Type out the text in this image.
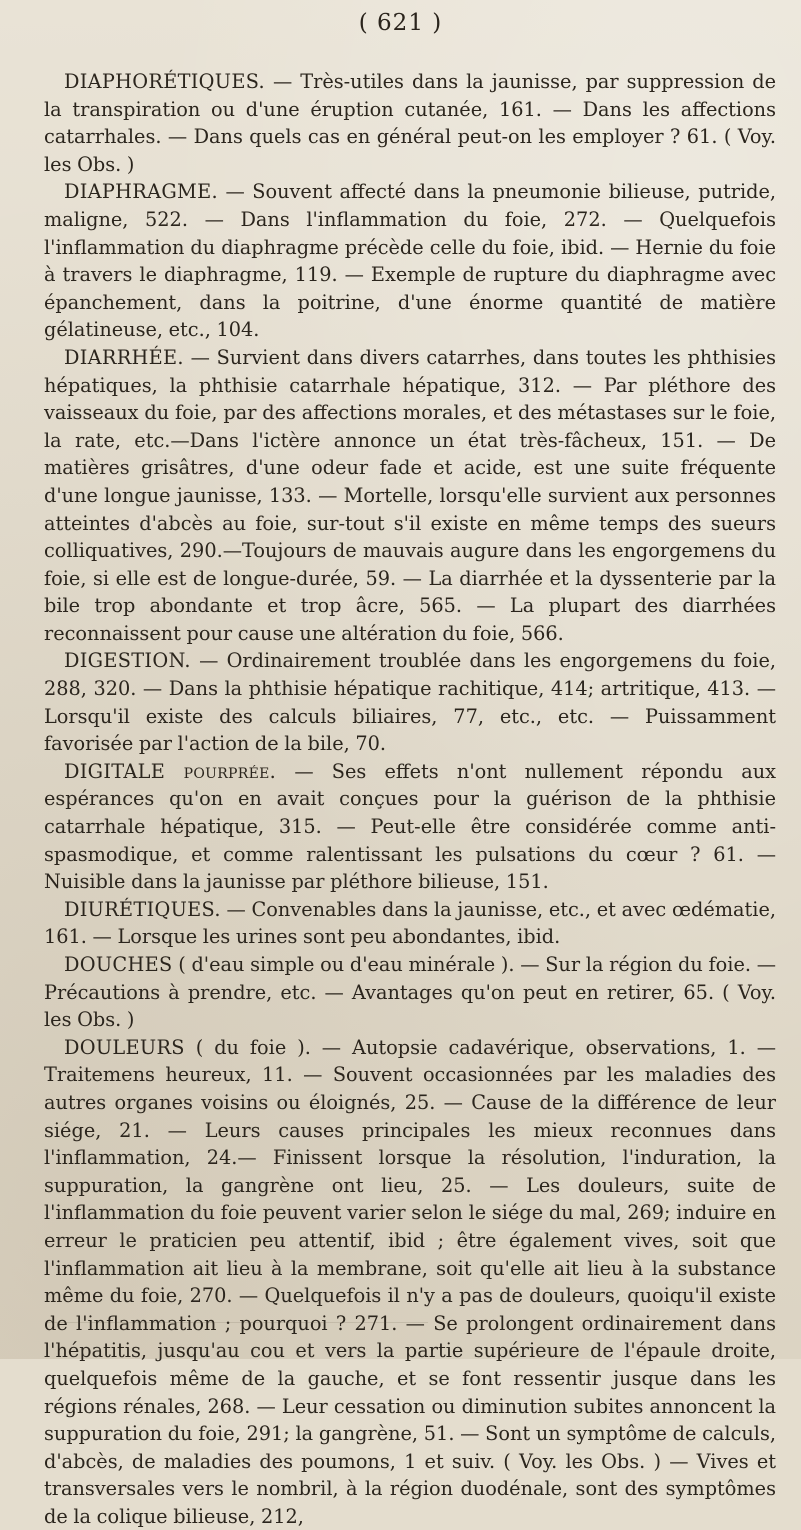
( 621 )

DIAPHORÉTIQUES. — Très-utiles dans la jaunisse, par suppression de la transpiration ou d'une éruption cutanée, 161. — Dans les affections catarrhales. — Dans quels cas en général peut-on les employer ? 61. ( Voy. les Obs. )

DIAPHRAGME. — Souvent affecté dans la pneumonie bilieuse, putride, maligne, 522. — Dans l'inflammation du foie, 272. — Quelquefois l'inflammation du diaphragme précède celle du foie, ibid. — Hernie du foie à travers le diaphragme, 119. — Exemple de rupture du diaphragme avec épanchement, dans la poitrine, d'une énorme quantité de matière gélatineuse, etc., 104.

DIARRHÉE. — Survient dans divers catarrhes, dans toutes les phthisies hépatiques, la phthisie catarrhale hépatique, 312. — Par pléthore des vaisseaux du foie, par des affections morales, et des métastases sur le foie, la rate, etc.—Dans l'ictère annonce un état très-fâcheux, 151. — De matières grisâtres, d'une odeur fade et acide, est une suite fréquente d'une longue jaunisse, 133. — Mortelle, lorsqu'elle survient aux personnes atteintes d'abcès au foie, sur-tout s'il existe en même temps des sueurs colliquatives, 290.—Toujours de mauvais augure dans les engorgemens du foie, si elle est de longue-durée, 59. — La diarrhée et la dyssenterie par la bile trop abondante et trop âcre, 565. — La plupart des diarrhées reconnaissent pour cause une altération du foie, 566.

DIGESTION. — Ordinairement troublée dans les engorgemens du foie, 288, 320. — Dans la phthisie hépatique rachitique, 414; artritique, 413. — Lorsqu'il existe des calculs biliaires, 77, etc., etc. — Puissamment favorisée par l'action de la bile, 70.

DIGITALE pourprée. — Ses effets n'ont nullement répondu aux espérances qu'on en avait conçues pour la guérison de la phthisie catarrhale hépatique, 315. — Peut-elle être considérée comme anti-spasmodique, et comme ralentissant les pulsations du cœur ? 61. — Nuisible dans la jaunisse par pléthore bilieuse, 151.

DIURÉTIQUES. — Convenables dans la jaunisse, etc., et avec œdématie, 161. — Lorsque les urines sont peu abondantes, ibid.

DOUCHES ( d'eau simple ou d'eau minérale ). — Sur la région du foie. — Précautions à prendre, etc. — Avantages qu'on peut en retirer, 65. ( Voy. les Obs. )

DOULEURS ( du foie ). — Autopsie cadavérique, observations, 1. — Traitemens heureux, 11. — Souvent occasionnées par les maladies des autres organes voisins ou éloignés, 25. — Cause de la différence de leur siége, 21. — Leurs causes principales les mieux reconnues dans l'inflammation, 24.— Finissent lorsque la résolution, l'induration, la suppuration, la gangrène ont lieu, 25. — Les douleurs, suite de l'inflammation du foie peuvent varier selon le siége du mal, 269; induire en erreur le praticien peu attentif, ibid ; être également vives, soit que l'inflammation ait lieu à la membrane, soit qu'elle ait lieu à la substance même du foie, 270. — Quelquefois il n'y a pas de douleurs, quoiqu'il existe de l'inflammation ; pourquoi ? 271. — Se prolongent ordinairement dans l'hépatitis, jusqu'au cou et vers la partie supérieure de l'épaule droite, quelquefois même de la gauche, et se font ressentir jusque dans les régions rénales, 268. — Leur cessation ou diminution subites annoncent la suppuration du foie, 291; la gangrène, 51. — Sont un symptôme de calculs, d'abcès, de maladies des poumons, 1 et suiv. ( Voy. les Obs. ) — Vives et transversales vers le nombril, à la région duodénale, sont des symptômes de la colique bilieuse, 212,
